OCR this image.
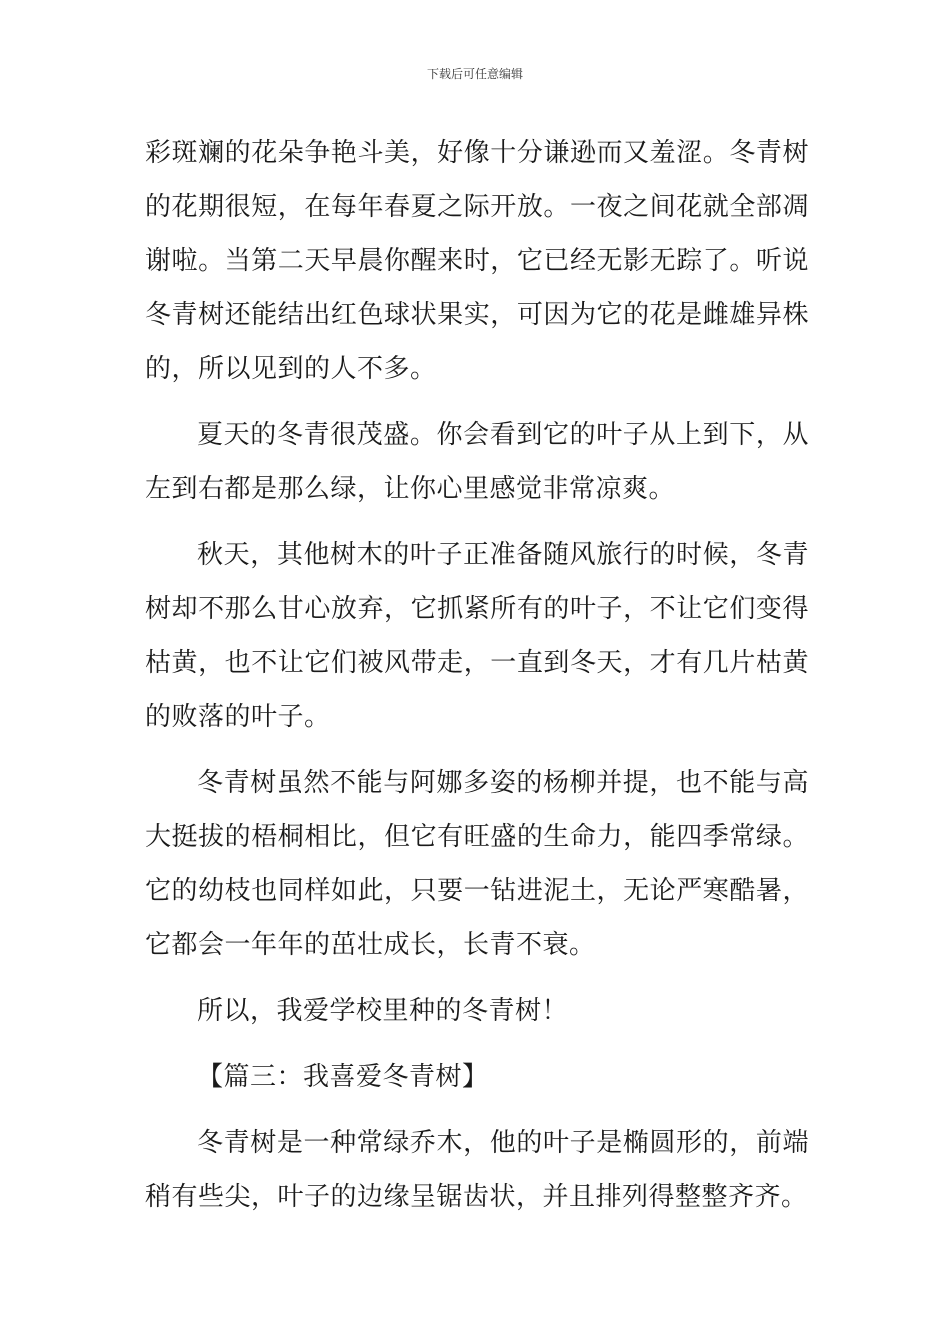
下载后可任意编辑

彩斑斓的花朵争艳斗美，好像十分谦逊而又羞涩。冬青树的花期很短，在每年春夏之际开放。一夜之间花就全部凋谢啦。当第二天早晨你醒来时，它已经无影无踪了。听说冬青树还能结出红色球状果实，可因为它的花是雌雄异株的，所以见到的人不多。

夏天的冬青很茂盛。你会看到它的叶子从上到下，从左到右都是那么绿，让你心里感觉非常凉爽。

秋天，其他树木的叶子正准备随风旅行的时候，冬青树却不那么甘心放弃，它抓紧所有的叶子，不让它们变得枯黄，也不让它们被风带走，一直到冬天，才有几片枯黄的败落的叶子。

冬青树虽然不能与阿娜多姿的杨柳并提，也不能与高大挺拔的梧桐相比，但它有旺盛的生命力，能四季常绿。它的幼枝也同样如此，只要一钻进泥土，无论严寒酷暑，它都会一年年的茁壮成长，长青不衰。

所以，我爱学校里种的冬青树！

【篇三：我喜爱冬青树】

冬青树是一种常绿乔木，他的叶子是椭圆形的，前端稍有些尖，叶子的边缘呈锯齿状，并且排列得整整齐齐。
